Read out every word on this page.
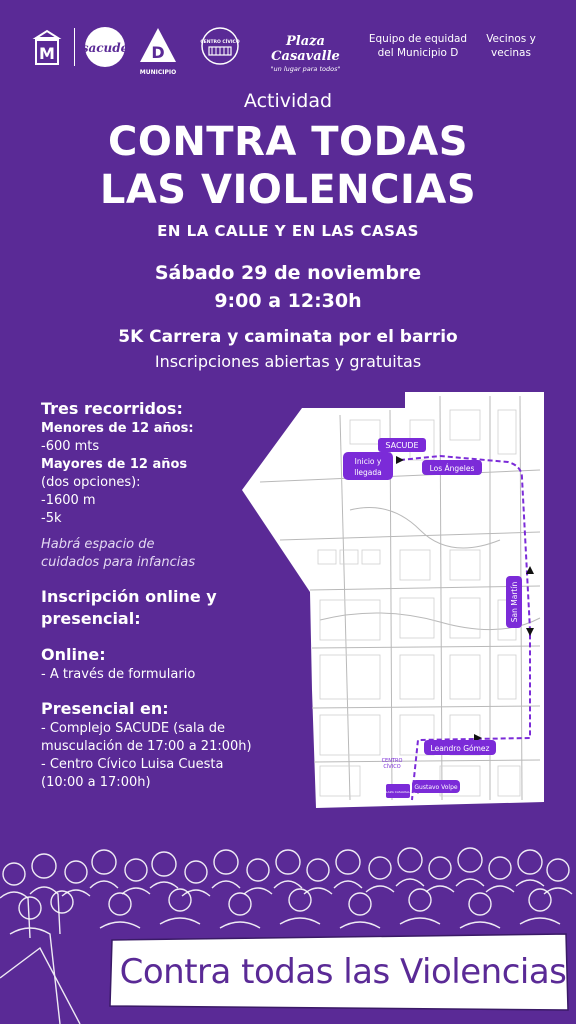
M sacude D
MUNICIPIO
CENTRO CÍVICO	Plaza Casavalle
"un lugar para todos"
Equipo de equidad
del Municipio D
Vecinos y
vecinas
Actividad
CONTRA TODAS
LAS VIOLENCIAS
EN LA CALLE Y EN LAS CASAS
Sábado 29 de noviembre
9:00 a 12:30h
5K Carrera y caminata por el barrio
Inscripciones abiertas y gratuitas
Tres recorridos:
Menores de 12 años:
-600 mts
Mayores de 12 años
(dos opciones):
-1600 m
-5k
Habrá espacio de
cuidados para infancias
Inscripción online y
presencial:
Online:
- A través de formulario
Presencial en:
- Complejo SACUDE (sala de
musculación de 17:00 a 21:00h)
- Centro Cívico Luisa Cuesta
(10:00 a 17:00h)
SACUDE
Inicio y
llegada	Los Ángeles
San Martín
Leandro Gómez
CENTRO
CÍVICO
PLAZA CASAVALLE
Gustavo Volpe
Contra todas las Violencias
